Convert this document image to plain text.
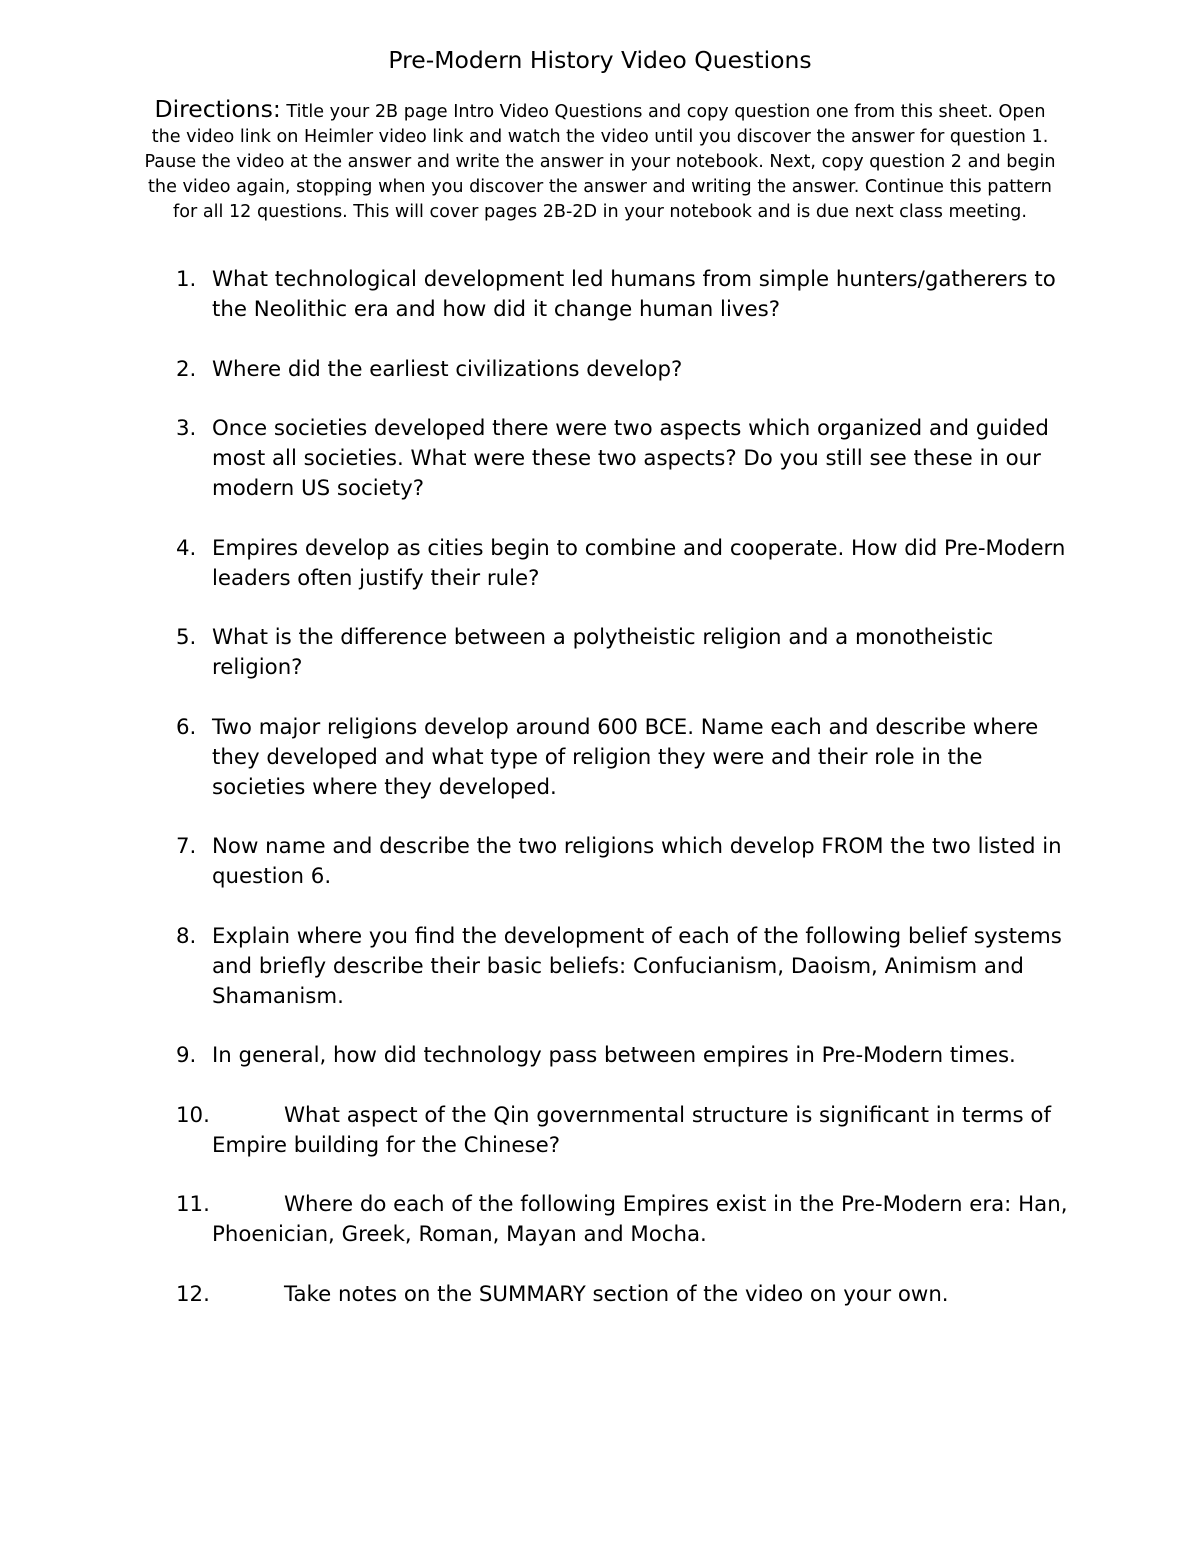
Pre-Modern History Video Questions

Directions: Title your 2B page Intro Video Questions and copy question one from this sheet. Open the video link on Heimler video link and watch the video until you discover the answer for question 1. Pause the video at the answer and write the answer in your notebook. Next, copy question 2 and begin the video again, stopping when you discover the answer and writing the answer. Continue this pattern for all 12 questions. This will cover pages 2B-2D in your notebook and is due next class meeting.

1. What technological development led humans from simple hunters/gatherers to the Neolithic era and how did it change human lives?
2. Where did the earliest civilizations develop?
3. Once societies developed there were two aspects which organized and guided most all societies. What were these two aspects? Do you still see these in our modern US society?
4. Empires develop as cities begin to combine and cooperate. How did Pre-Modern leaders often justify their rule?
5. What is the difference between a polytheistic religion and a monotheistic religion?
6. Two major religions develop around 600 BCE. Name each and describe where they developed and what type of religion they were and their role in the societies where they developed.
7. Now name and describe the two religions which develop FROM the two listed in question 6.
8. Explain where you find the development of each of the following belief systems and briefly describe their basic beliefs: Confucianism, Daoism, Animism and Shamanism.
9. In general, how did technology pass between empires in Pre-Modern times.
10.	What aspect of the Qin governmental structure is significant in terms of Empire building for the Chinese?
11.	Where do each of the following Empires exist in the Pre-Modern era: Han, Phoenician, Greek, Roman, Mayan and Mocha.
12.	Take notes on the SUMMARY section of the video on your own.
